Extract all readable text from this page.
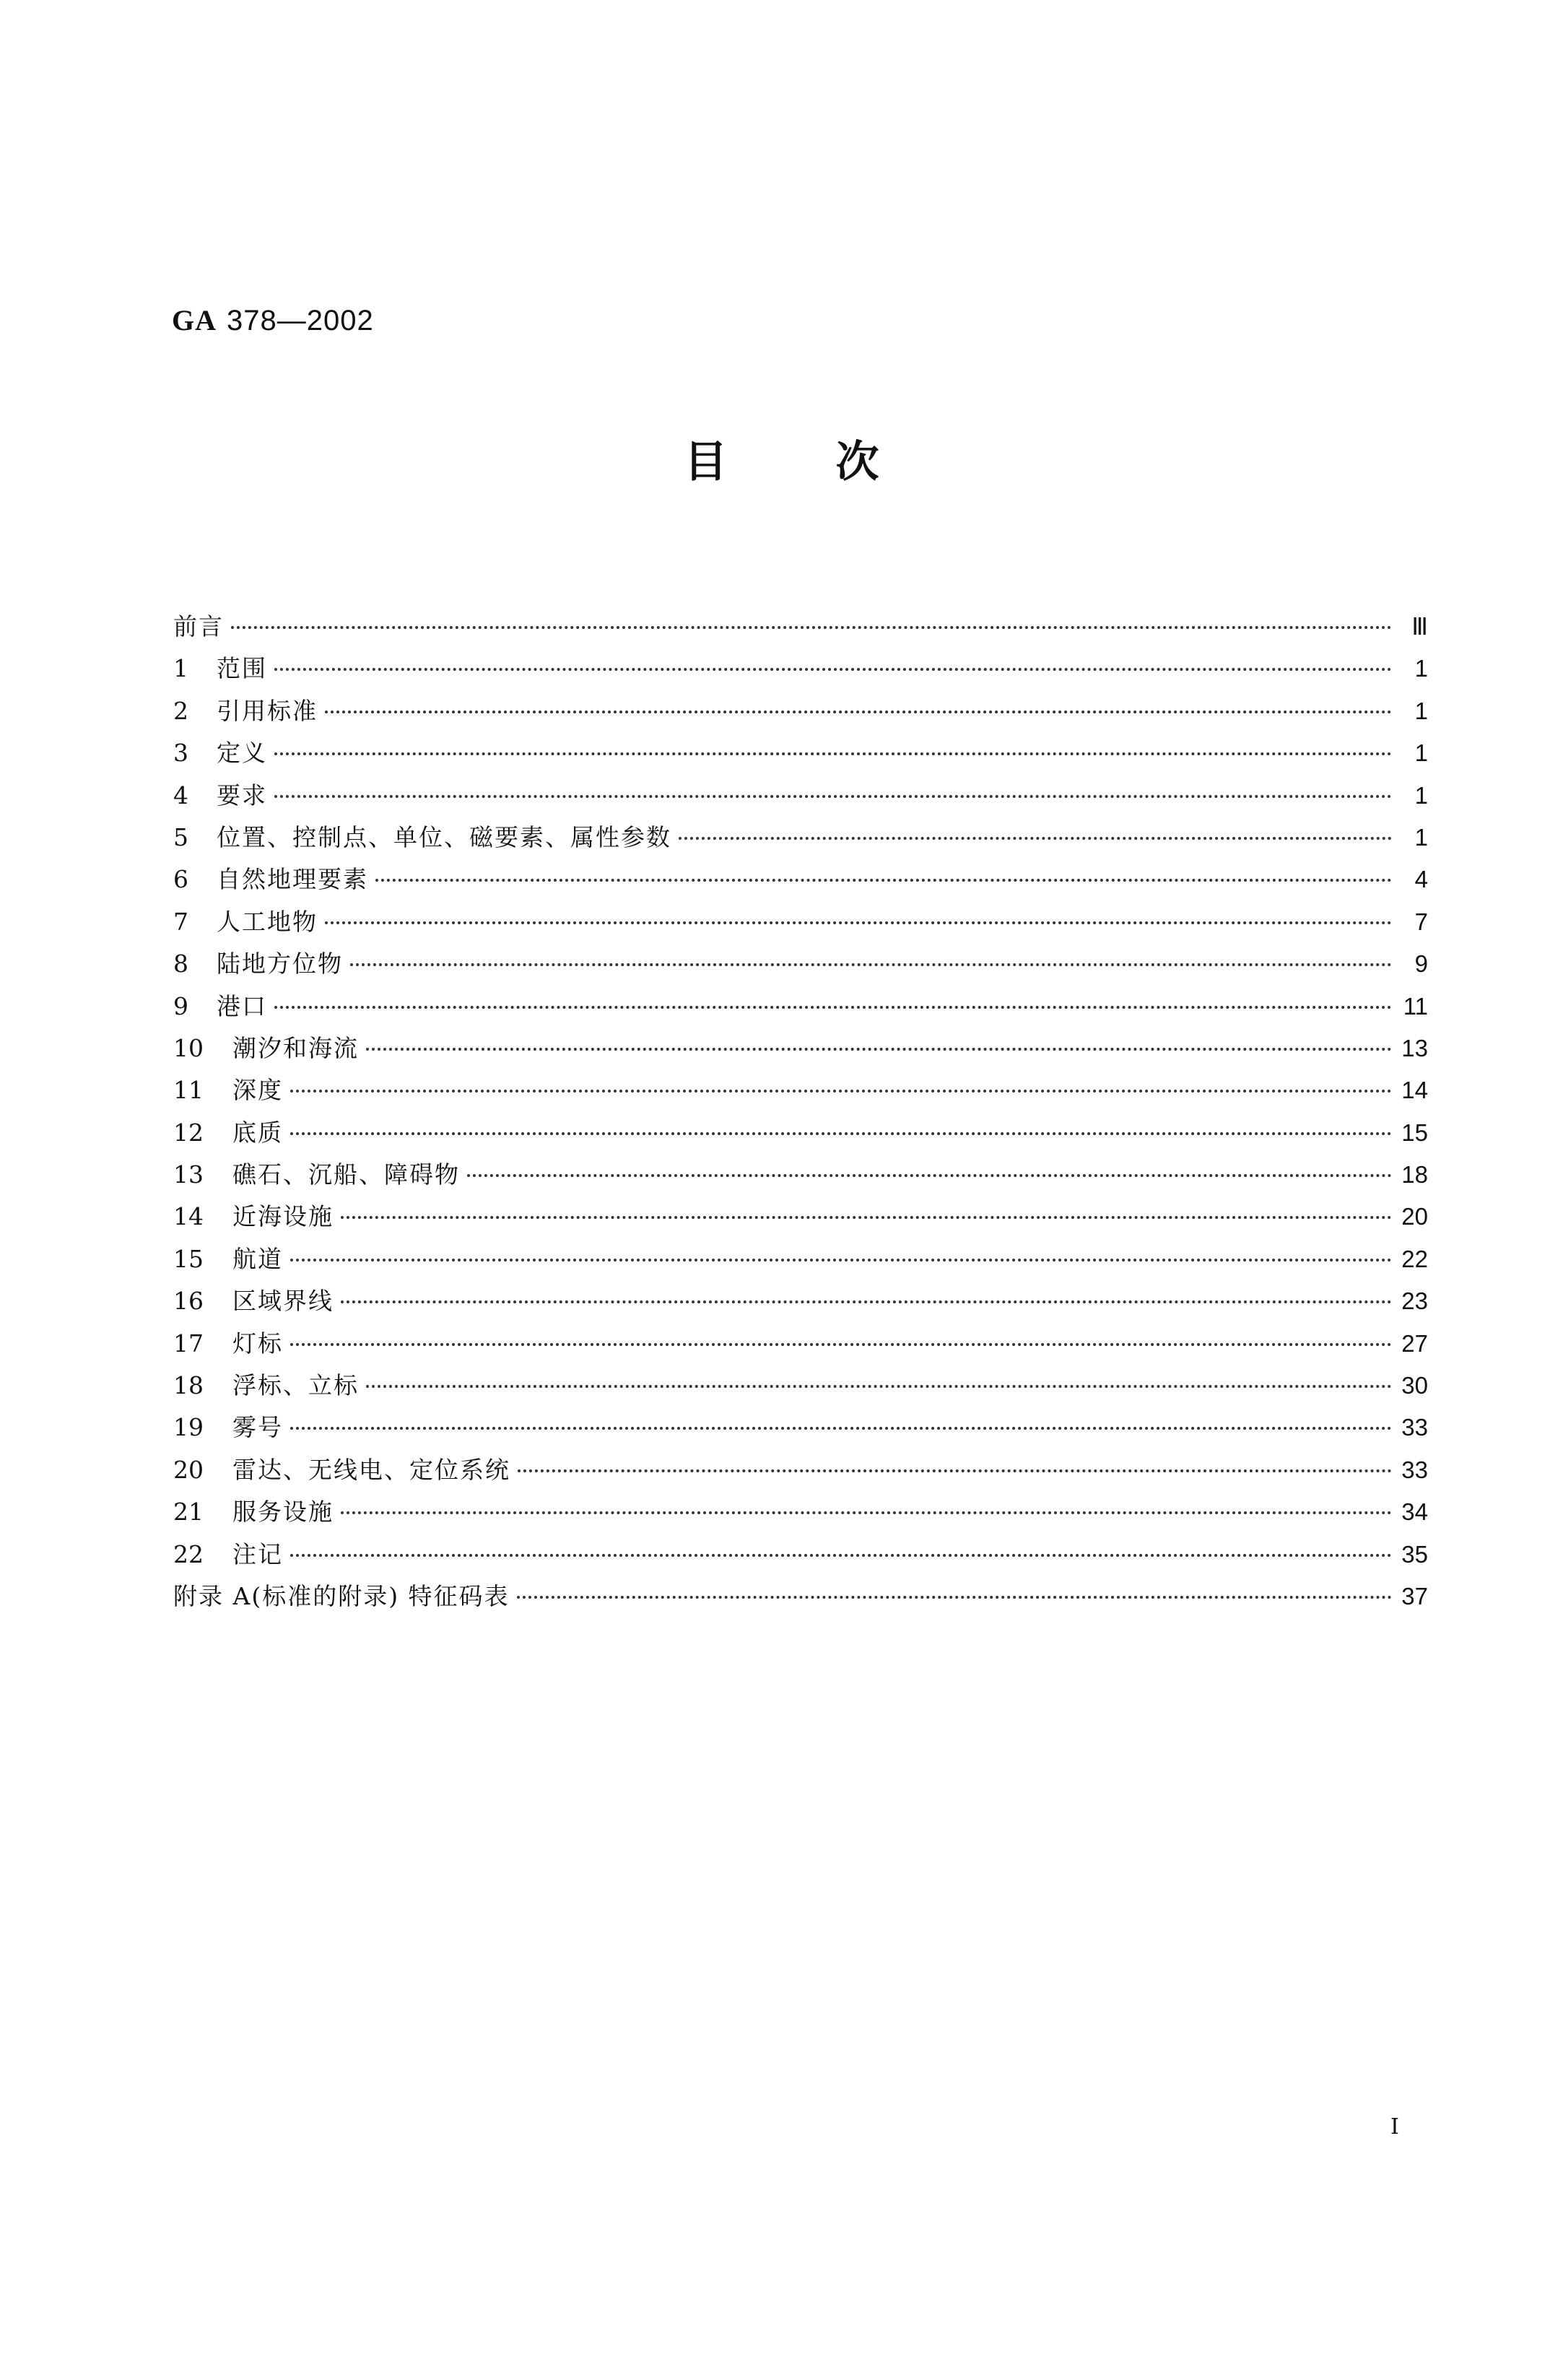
GA 378—2002
目	次
前言	Ⅲ
1	范围	1
2	引用标准	1
3	定义	1
4	要求	1
5	位置、控制点、单位、磁要素、属性参数	1
6	自然地理要素	4
7	人工地物	7
8	陆地方位物	9
9	港口	11
10	潮汐和海流	13
11	深度	14
12	底质	15
13	礁石、沉船、障碍物	18
14	近海设施	20
15	航道	22
16	区域界线	23
17	灯标	27
18	浮标、立标	30
19	雾号	33
20	雷达、无线电、定位系统	33
21	服务设施	34
22	注记	35
附录 A(标准的附录) 特征码表	37
I
